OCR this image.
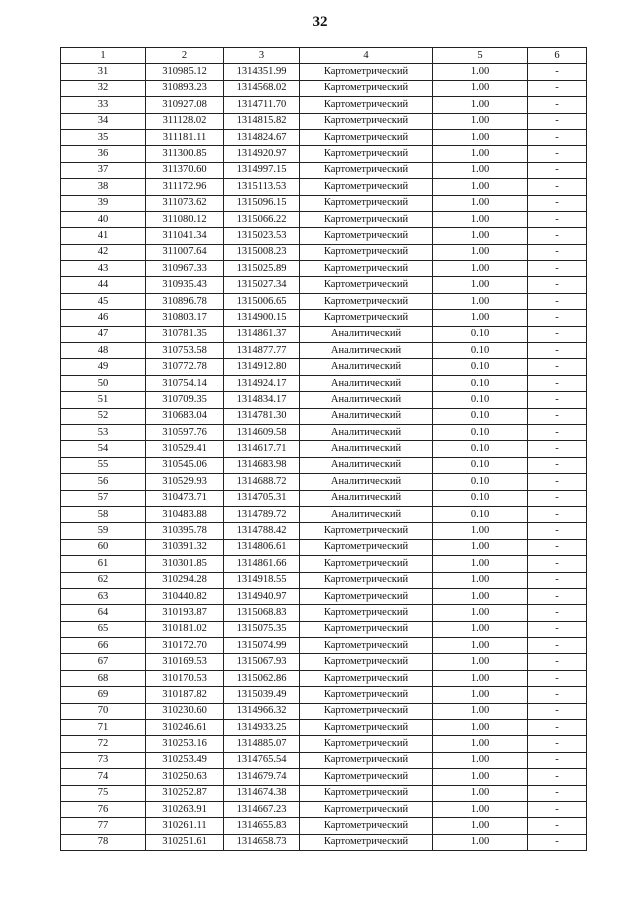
32
1	2	3	4	5	6
31	310985.12	1314351.99	Картометрический	1.00	-
32	310893.23	1314568.02	Картометрический	1.00	-
33	310927.08	1314711.70	Картометрический	1.00	-
34	311128.02	1314815.82	Картометрический	1.00	-
35	311181.11	1314824.67	Картометрический	1.00	-
36	311300.85	1314920.97	Картометрический	1.00	-
37	311370.60	1314997.15	Картометрический	1.00	-
38	311172.96	1315113.53	Картометрический	1.00	-
39	311073.62	1315096.15	Картометрический	1.00	-
40	311080.12	1315066.22	Картометрический	1.00	-
41	311041.34	1315023.53	Картометрический	1.00	-
42	311007.64	1315008.23	Картометрический	1.00	-
43	310967.33	1315025.89	Картометрический	1.00	-
44	310935.43	1315027.34	Картометрический	1.00	-
45	310896.78	1315006.65	Картометрический	1.00	-
46	310803.17	1314900.15	Картометрический	1.00	-
47	310781.35	1314861.37	Аналитический	0.10	-
48	310753.58	1314877.77	Аналитический	0.10	-
49	310772.78	1314912.80	Аналитический	0.10	-
50	310754.14	1314924.17	Аналитический	0.10	-
51	310709.35	1314834.17	Аналитический	0.10	-
52	310683.04	1314781.30	Аналитический	0.10	-
53	310597.76	1314609.58	Аналитический	0.10	-
54	310529.41	1314617.71	Аналитический	0.10	-
55	310545.06	1314683.98	Аналитический	0.10	-
56	310529.93	1314688.72	Аналитический	0.10	-
57	310473.71	1314705.31	Аналитический	0.10	-
58	310483.88	1314789.72	Аналитический	0.10	-
59	310395.78	1314788.42	Картометрический	1.00	-
60	310391.32	1314806.61	Картометрический	1.00	-
61	310301.85	1314861.66	Картометрический	1.00	-
62	310294.28	1314918.55	Картометрический	1.00	-
63	310440.82	1314940.97	Картометрический	1.00	-
64	310193.87	1315068.83	Картометрический	1.00	-
65	310181.02	1315075.35	Картометрический	1.00	-
66	310172.70	1315074.99	Картометрический	1.00	-
67	310169.53	1315067.93	Картометрический	1.00	-
68	310170.53	1315062.86	Картометрический	1.00	-
69	310187.82	1315039.49	Картометрический	1.00	-
70	310230.60	1314966.32	Картометрический	1.00	-
71	310246.61	1314933.25	Картометрический	1.00	-
72	310253.16	1314885.07	Картометрический	1.00	-
73	310253.49	1314765.54	Картометрический	1.00	-
74	310250.63	1314679.74	Картометрический	1.00	-
75	310252.87	1314674.38	Картометрический	1.00	-
76	310263.91	1314667.23	Картометрический	1.00	-
77	310261.11	1314655.83	Картометрический	1.00	-
78	310251.61	1314658.73	Картометрический	1.00	-
